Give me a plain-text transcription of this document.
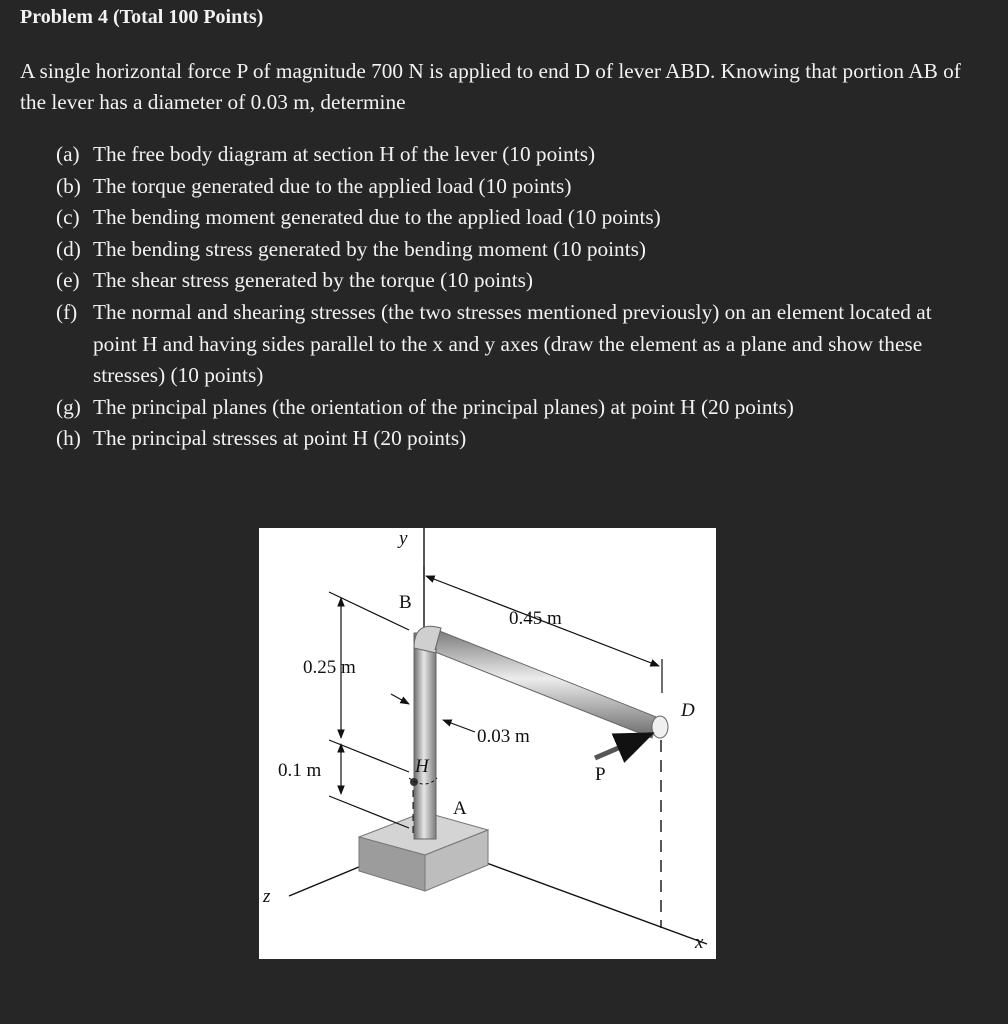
Problem 4 (Total 100 Points)

A single horizontal force P of magnitude 700 N is applied to end D of lever ABD. Knowing that portion AB of the lever has a diameter of 0.03 m, determine

(a) The free body diagram at section H of the lever (10 points)
(b) The torque generated due to the applied load (10 points)
(c) The bending moment generated due to the applied load (10 points)
(d) The bending stress generated by the bending moment (10 points)
(e) The shear stress generated by the torque (10 points)
(f) The normal and shearing stresses (the two stresses mentioned previously) on an element located at point H and having sides parallel to the x and y axes (draw the element as a plane and show these stresses) (10 points)
(g) The principal planes (the orientation of the principal planes) at point H (20 points)
(h) The principal stresses at point H (20 points)
y
x
z
B
D
H
A
P
0.45 m
0.25 m
0.1 m
0.03 m
